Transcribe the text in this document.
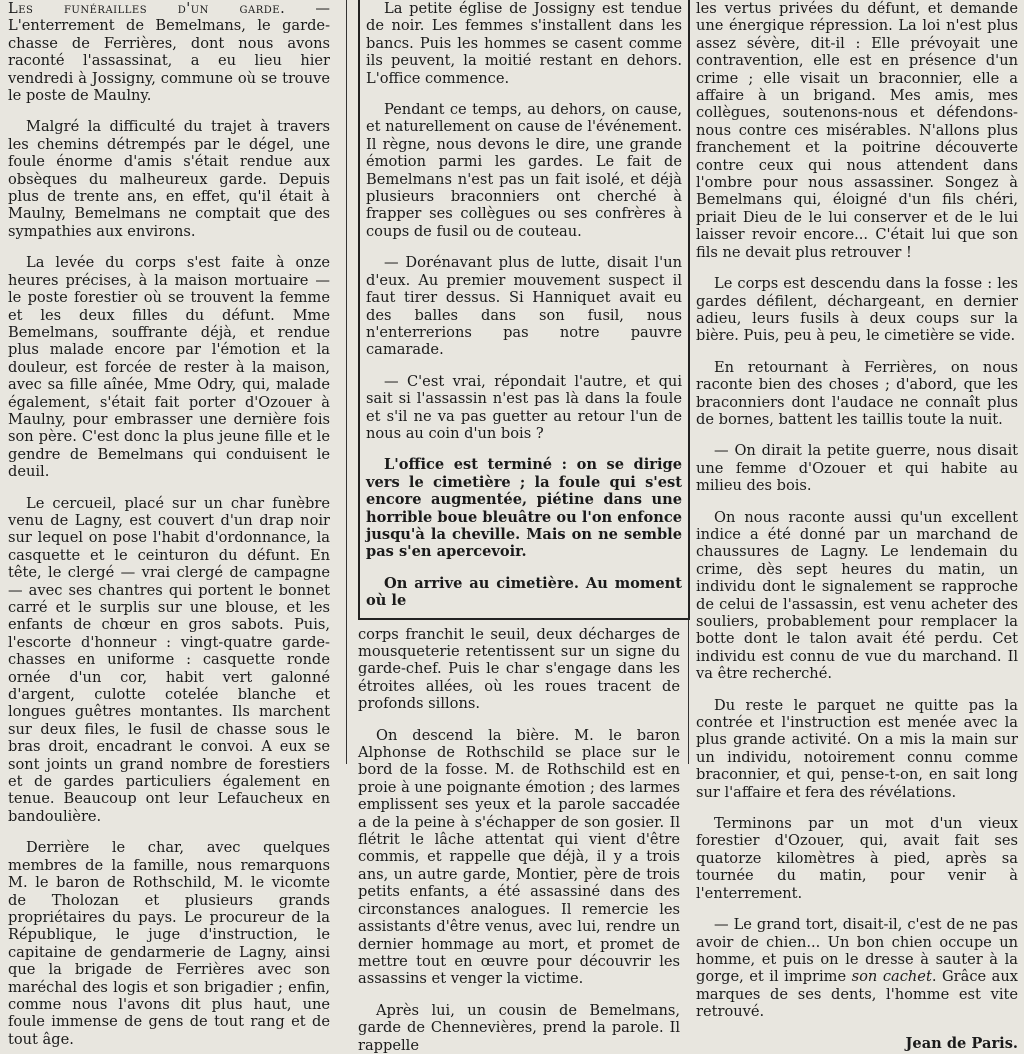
Les funérailles d'un garde. — L'enterrement de Bemelmans, le garde-chasse de Ferrières, dont nous avons raconté l'assassinat, a eu lieu hier vendredi à Jossigny, commune où se trouve le poste de Maulny.

Malgré la difficulté du trajet à travers les chemins détrempés par le dégel, une foule énorme d'amis s'était rendue aux obsèques du malheureux garde. Depuis plus de trente ans, en effet, qu'il était à Maulny, Bemelmans ne comptait que des sympathies aux environs.

La levée du corps s'est faite à onze heures précises, à la maison mortuaire — le poste forestier où se trouvent la femme et les deux filles du défunt. Mme Bemelmans, souffrante déjà, et rendue plus malade encore par l'émotion et la douleur, est forcée de rester à la maison, avec sa fille aînée, Mme Odry, qui, malade également, s'était fait porter d'Ozouer à Maulny, pour embrasser une dernière fois son père. C'est donc la plus jeune fille et le gendre de Bemelmans qui conduisent le deuil.

Le cercueil, placé sur un char funèbre venu de Lagny, est couvert d'un drap noir sur lequel on pose l'habit d'ordonnance, la casquette et le ceinturon du défunt. En tête, le clergé — vrai clergé de campagne — avec ses chantres qui portent le bonnet carré et le surplis sur une blouse, et les enfants de chœur en gros sabots. Puis, l'escorte d'honneur : vingt-quatre garde-chasses en uniforme : casquette ronde ornée d'un cor, habit vert galonné d'argent, culotte cotelée blanche et longues guêtres montantes. Ils marchent sur deux files, le fusil de chasse sous le bras droit, encadrant le convoi. A eux se sont joints un grand nombre de forestiers et de gardes particuliers également en tenue. Beaucoup ont leur Lefaucheux en bandoulière.

Derrière le char, avec quelques membres de la famille, nous remarquons M. le baron de Rothschild, M. le vicomte de Tholozan et plusieurs grands propriétaires du pays. Le procureur de la République, le juge d'instruction, le capitaine de gendarmerie de Lagny, ainsi que la brigade de Ferrières avec son maréchal des logis et son brigadier ; enfin, comme nous l'avons dit plus haut, une foule immense de gens de tout rang et de tout âge.

La petite église de Jossigny est tendue de noir. Les femmes s'installent dans les bancs. Puis les hommes se casent comme ils peuvent, la moitié restant en dehors. L'office commence.

Pendant ce temps, au dehors, on cause, et naturellement on cause de l'événement. Il règne, nous devons le dire, une grande émotion parmi les gardes. Le fait de Bemelmans n'est pas un fait isolé, et déjà plusieurs braconniers ont cherché à frapper ses collègues ou ses confrères à coups de fusil ou de couteau.

— Dorénavant plus de lutte, disait l'un d'eux. Au premier mouvement suspect il faut tirer dessus. Si Hanniquet avait eu des balles dans son fusil, nous n'enterrerions pas notre pauvre camarade.

— C'est vrai, répondait l'autre, et qui sait si l'assassin n'est pas là dans la foule et s'il ne va pas guetter au retour l'un de nous au coin d'un bois ?

L'office est terminé : on se dirige vers le cimetière ; la foule qui s'est encore augmentée, piétine dans une horrible boue bleuâtre ou l'on enfonce jusqu'à la cheville. Mais on ne semble pas s'en apercevoir.

On arrive au cimetière. Au moment où le

corps franchit le seuil, deux décharges de mousqueterie retentissent sur un signe du garde-chef. Puis le char s'engage dans les étroites allées, où les roues tracent de profonds sillons.

On descend la bière. M. le baron Alphonse de Rothschild se place sur le bord de la fosse. M. de Rothschild est en proie à une poignante émotion ; des larmes emplissent ses yeux et la parole saccadée a de la peine à s'échapper de son gosier. Il flétrit le lâche attentat qui vient d'être commis, et rappelle que déjà, il y a trois ans, un autre garde, Montier, père de trois petits enfants, a été assassiné dans des circonstances analogues. Il remercie les assistants d'être venus, avec lui, rendre un dernier hommage au mort, et promet de mettre tout en œuvre pour découvrir les assassins et venger la victime.

Après lui, un cousin de Bemelmans, garde de Chennevières, prend la parole. Il rappelle

les vertus privées du défunt, et demande une énergique répression. La loi n'est plus assez sévère, dit-il : Elle prévoyait une contravention, elle est en présence d'un crime ; elle visait un braconnier, elle a affaire à un brigand. Mes amis, mes collègues, soutenons-nous et défendons-nous contre ces misérables. N'allons plus franchement et la poitrine découverte contre ceux qui nous attendent dans l'ombre pour nous assassiner. Songez à Bemelmans qui, éloigné d'un fils chéri, priait Dieu de le lui conserver et de le lui laisser revoir encore... C'était lui que son fils ne devait plus retrouver !

Le corps est descendu dans la fosse : les gardes défilent, déchargeant, en dernier adieu, leurs fusils à deux coups sur la bière. Puis, peu à peu, le cimetière se vide.

En retournant à Ferrières, on nous raconte bien des choses ; d'abord, que les braconniers dont l'audace ne connaît plus de bornes, battent les taillis toute la nuit.

— On dirait la petite guerre, nous disait une femme d'Ozouer et qui habite au milieu des bois.

On nous raconte aussi qu'un excellent indice a été donné par un marchand de chaussures de Lagny. Le lendemain du crime, dès sept heures du matin, un individu dont le signalement se rapproche de celui de l'assassin, est venu acheter des souliers, probablement pour remplacer la botte dont le talon avait été perdu. Cet individu est connu de vue du marchand. Il va être recherché.

Du reste le parquet ne quitte pas la contrée et l'instruction est menée avec la plus grande activité. On a mis la main sur un individu, notoirement connu comme braconnier, et qui, pense-t-on, en sait long sur l'affaire et fera des révélations.

Terminons par un mot d'un vieux forestier d'Ozouer, qui, avait fait ses quatorze kilomètres à pied, après sa tournée du matin, pour venir à l'enterrement.

— Le grand tort, disait-il, c'est de ne pas avoir de chien... Un bon chien occupe un homme, et puis on le dresse à sauter à la gorge, et il imprime son cachet. Grâce aux marques de ses dents, l'homme est vite retrouvé.

Jean de Paris.
